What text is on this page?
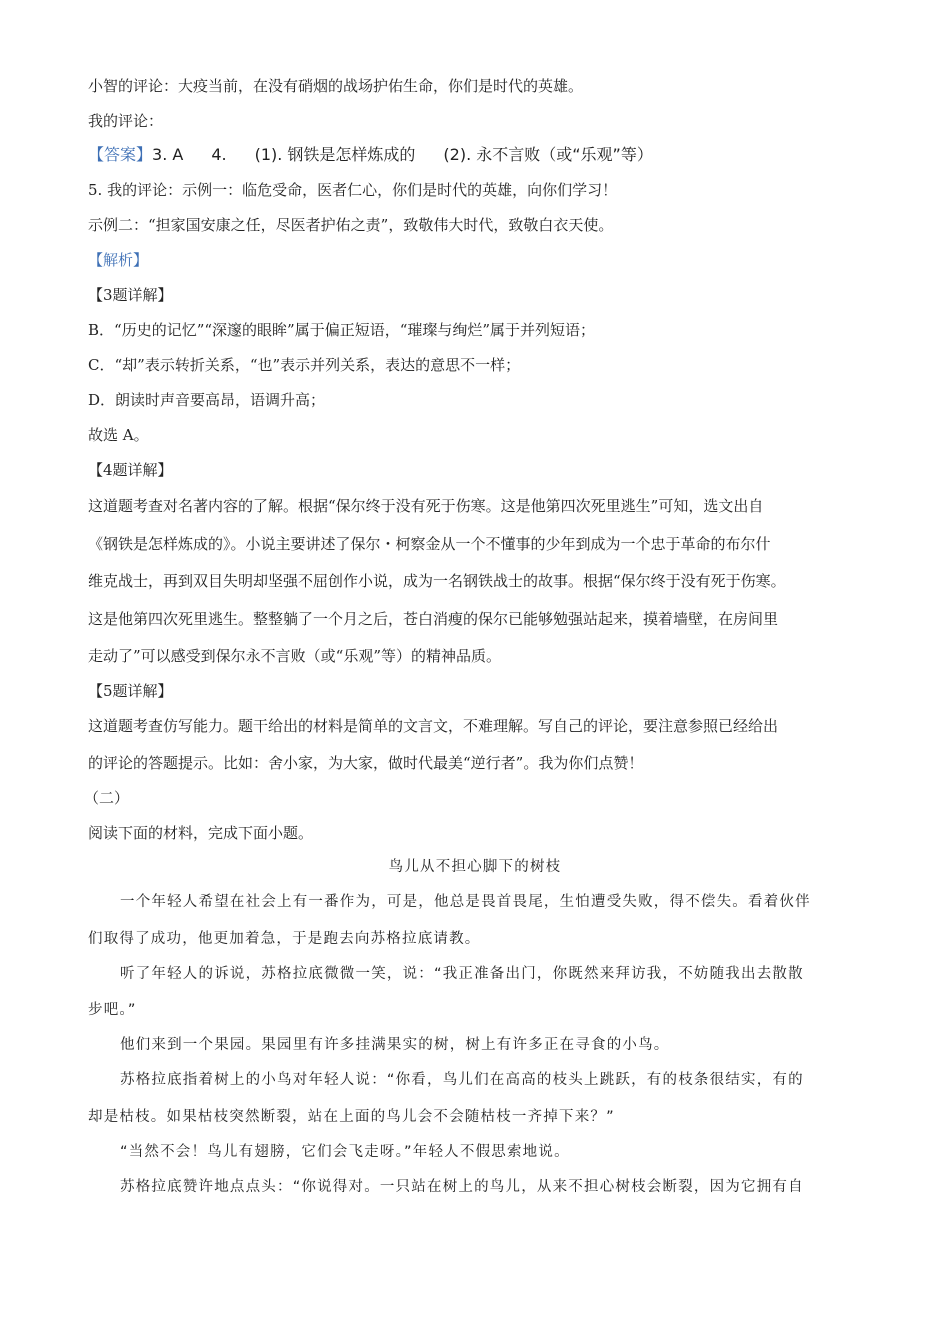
小智的评论：大疫当前，在没有硝烟的战场护佑生命，你们是时代的英雄。
我的评论：
【答案】3. A 4. (1). 钢铁是怎样炼成的 (2). 永不言败（或“乐观”等）
5. 我的评论：示例一：临危受命，医者仁心，你们是时代的英雄，向你们学习！
示例二：“担家国安康之任，尽医者护佑之责”，致敬伟大时代，致敬白衣天使。
【解析】
【3题详解】
B．“历史的记忆”“深邃的眼眸”属于偏正短语，“璀璨与绚烂”属于并列短语；
C．“却”表示转折关系，“也”表示并列关系，表达的意思不一样；
D．朗读时声音要高昂，语调升高；
故选 A。
【4题详解】
这道题考查对名著内容的了解。根据“保尔终于没有死于伤寒。这是他第四次死里逃生”可知，选文出自
《钢铁是怎样炼成的》。小说主要讲述了保尔・柯察金从一个不懂事的少年到成为一个忠于革命的布尔什
维克战士，再到双目失明却坚强不屈创作小说，成为一名钢铁战士的故事。根据“保尔终于没有死于伤寒。
这是他第四次死里逃生。整整躺了一个月之后，苍白消瘦的保尔已能够勉强站起来，摸着墙壁，在房间里
走动了”可以感受到保尔永不言败（或“乐观”等）的精神品质。
【5题详解】
这道题考查仿写能力。题干给出的材料是简单的文言文，不难理解。写自己的评论，要注意参照已经给出
的评论的答题提示。比如：舍小家，为大家，做时代最美“逆行者”。我为你们点赞！
（二）
阅读下面的材料，完成下面小题。
鸟儿从不担心脚下的树枝
一个年轻人希望在社会上有一番作为，可是，他总是畏首畏尾，生怕遭受失败，得不偿失。看着伙伴
们取得了成功，他更加着急，于是跑去向苏格拉底请教。
听了年轻人的诉说，苏格拉底微微一笑，说：“我正准备出门，你既然来拜访我，不妨随我出去散散
步吧。”
他们来到一个果园。果园里有许多挂满果实的树，树上有许多正在寻食的小鸟。
苏格拉底指着树上的小鸟对年轻人说：“你看，鸟儿们在高高的枝头上跳跃，有的枝条很结实，有的
却是枯枝。如果枯枝突然断裂，站在上面的鸟儿会不会随枯枝一齐掉下来？”
“当然不会！鸟儿有翅膀，它们会飞走呀。”年轻人不假思索地说。
苏格拉底赞许地点点头：“你说得对。一只站在树上的鸟儿，从来不担心树枝会断裂，因为它拥有自
